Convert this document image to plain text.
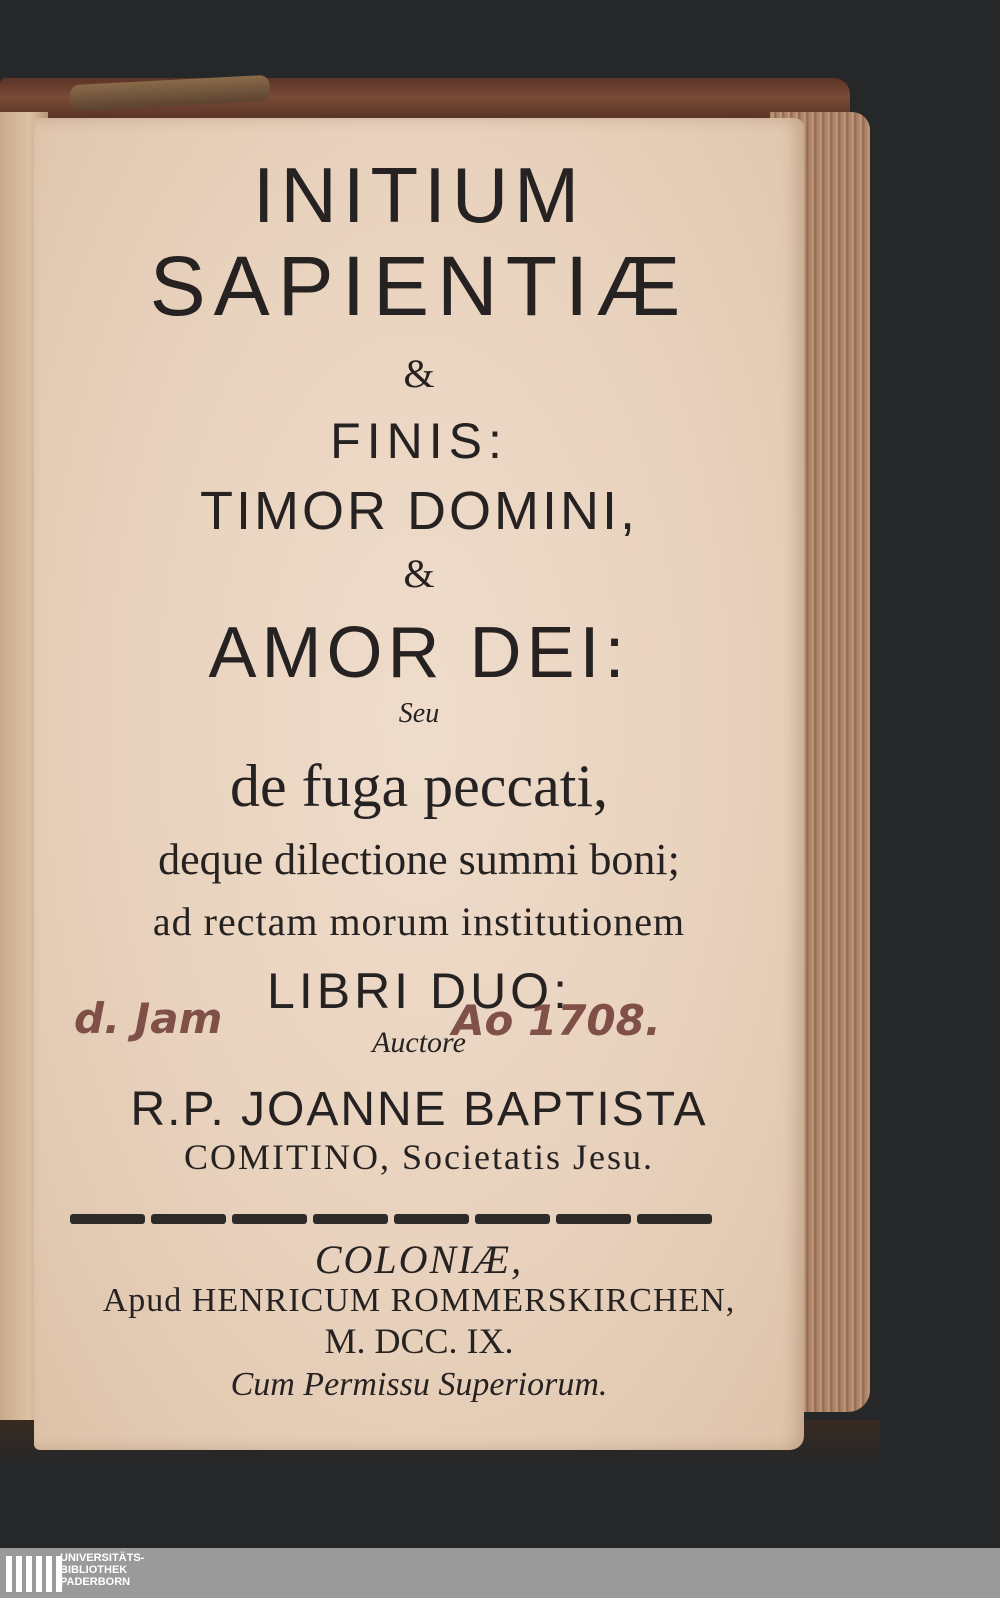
INITIUM
SAPIENTIÆ
&
FINIS:
TIMOR DOMINI,
&
AMOR DEI:
Seu
de fuga peccati,
deque dilectione summi boni;
ad rectam morum institutionem
LIBRI DUO:
d. Jam	Ao 1708.
Auctore
R.P. JOANNE BAPTISTA
COMITINO, Societatis Jesu.
COLONIÆ,
Apud HENRICUM ROMMERSKIRCHEN,
M. DCC. IX.
Cum Permissu Superiorum.
UNIVERSITÄTS-
BIBLIOTHEK
PADERBORN
